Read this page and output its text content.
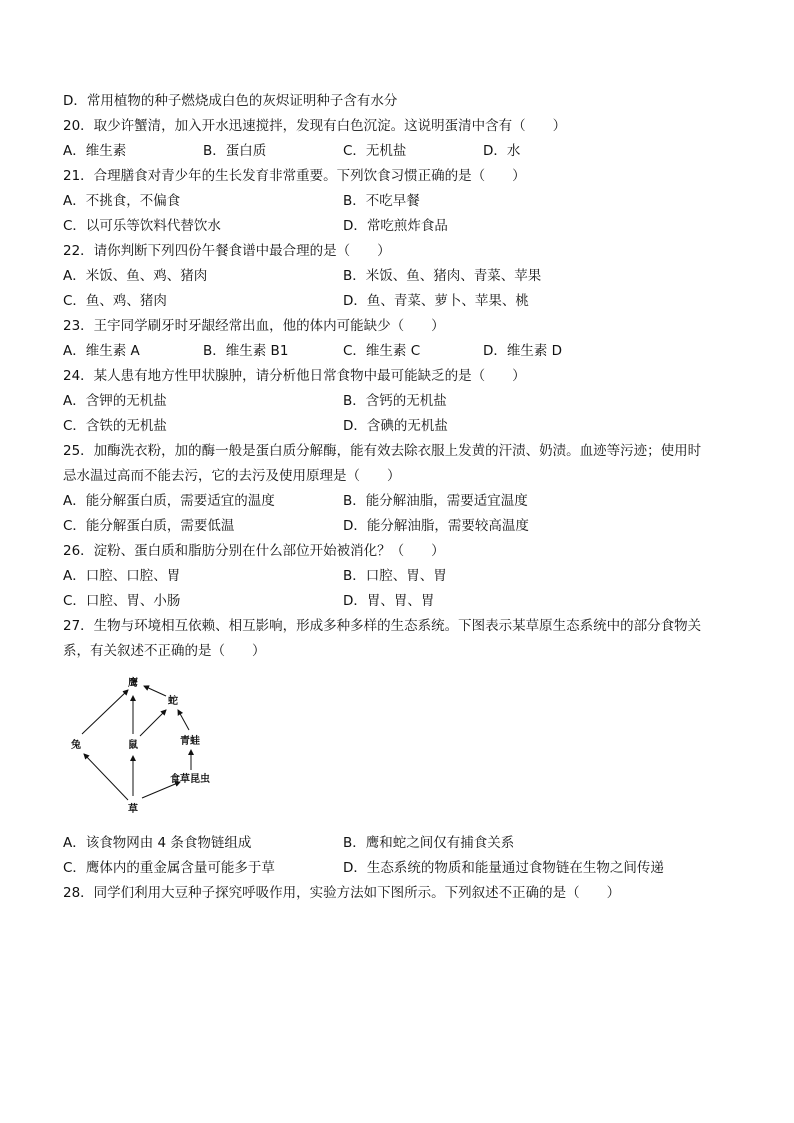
D．常用植物的种子燃烧成白色的灰烬证明种子含有水分
20．取少许蟹清，加入开水迅速搅拌，发现有白色沉淀。这说明蛋清中含有（　　）
A．维生素	B．蛋白质	C．无机盐	D．水
21．合理膳食对青少年的生长发育非常重要。下列饮食习惯正确的是（　　）
A．不挑食，不偏食	B．不吃早餐
C．以可乐等饮料代替饮水	D．常吃煎炸食品
22．请你判断下列四份午餐食谱中最合理的是（　　）
A．米饭、鱼、鸡、猪肉	B．米饭、鱼、猪肉、青菜、苹果
C．鱼、鸡、猪肉	D．鱼、青菜、萝卜、苹果、桃
23．王宇同学刷牙时牙龈经常出血，他的体内可能缺少（　　）
A．维生素 A	B．维生素 B1	C．维生素 C	D．维生素 D
24．某人患有地方性甲状腺肿，请分析他日常食物中最可能缺乏的是（　　）
A．含钾的无机盐	B．含钙的无机盐
C．含铁的无机盐	D．含碘的无机盐
25．加酶洗衣粉，加的酶一般是蛋白质分解酶，能有效去除衣服上发黄的汗渍、奶渍。血迹等污迹；使用时
忌水温过高而不能去污，它的去污及使用原理是（　　）
A．能分解蛋白质，需要适宜的温度	B．能分解油脂，需要适宜温度
C．能分解蛋白质，需要低温	D．能分解油脂，需要较高温度
26．淀粉、蛋白质和脂肪分别在什么部位开始被消化？（　　）
A．口腔、口腔、胃	B．口腔、胃、胃
C．口腔、胃、小肠	D．胃、胃、胃
27．生物与环境相互依赖、相互影响，形成多种多样的生态系统。下图表示某草原生态系统中的部分食物关
系，有关叙述不正确的是（　　）
鹰
蛇
兔	鼠	青蛙
食草昆虫
草
A．该食物网由 4 条食物链组成	B．鹰和蛇之间仅有捕食关系
C．鹰体内的重金属含量可能多于草	D．生态系统的物质和能量通过食物链在生物之间传递
28．同学们利用大豆种子探究呼吸作用，实验方法如下图所示。下列叙述不正确的是（　　）
